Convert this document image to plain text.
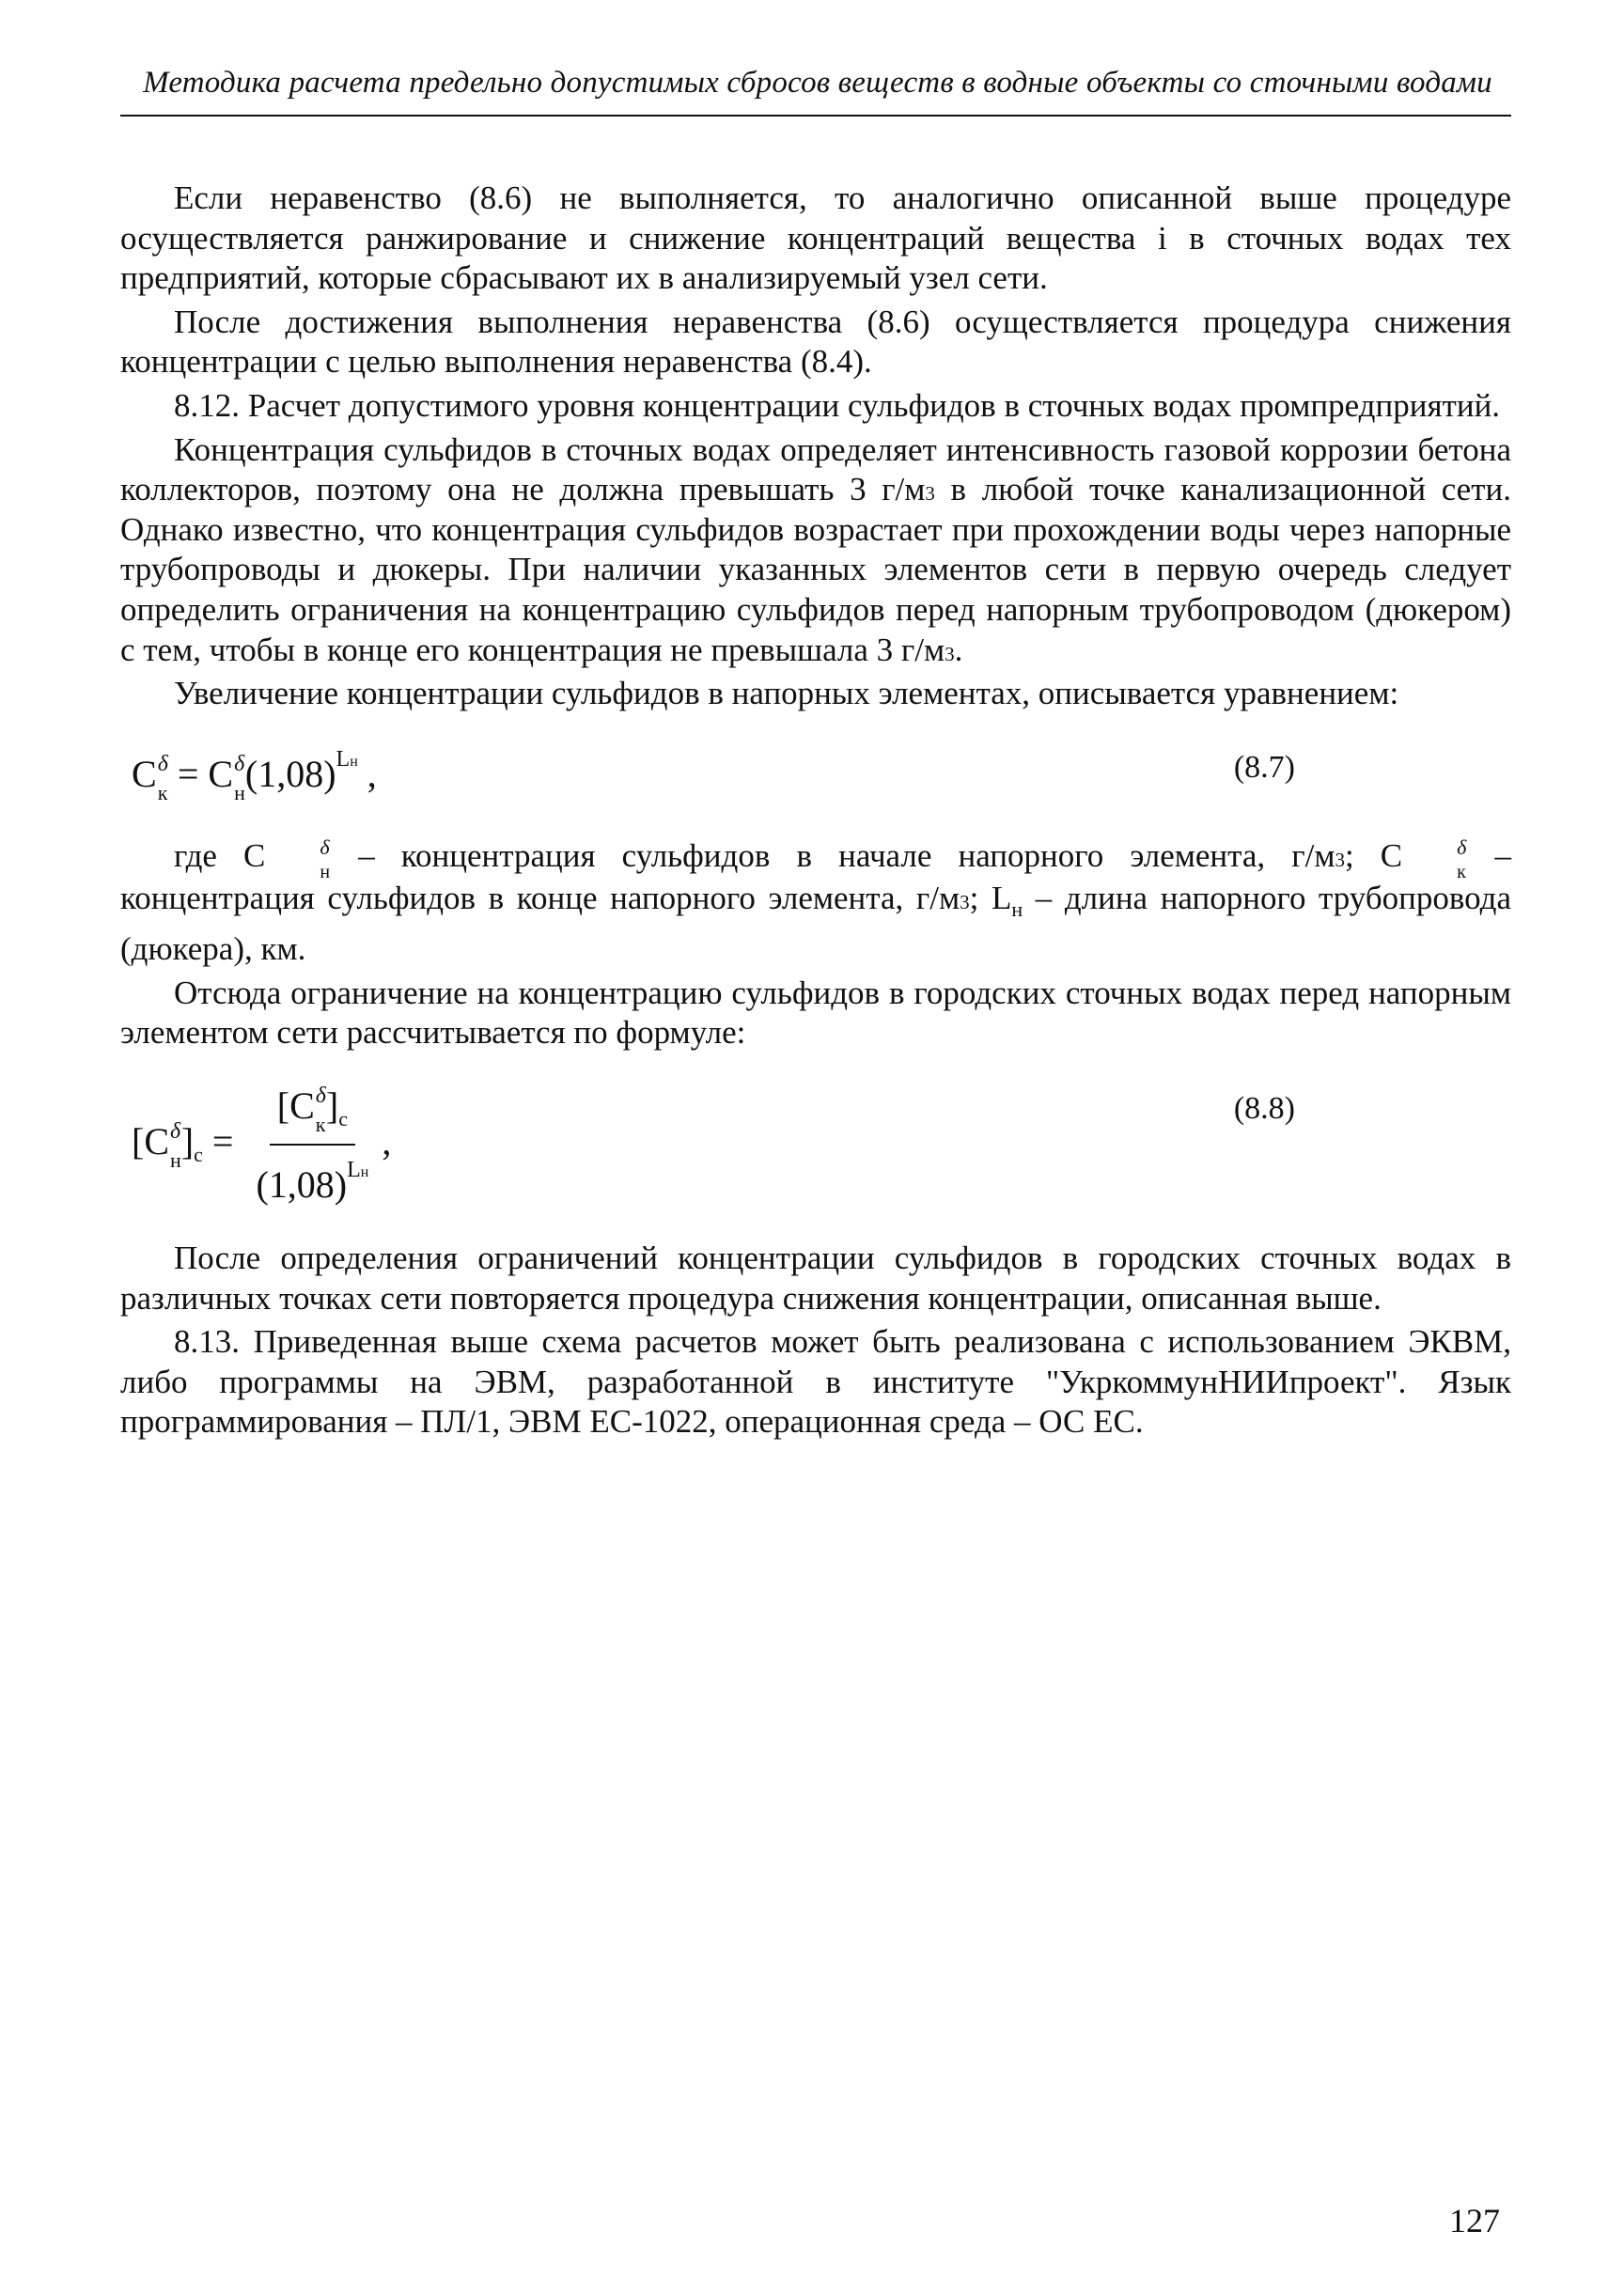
Методика расчета предельно допустимых сбросов веществ в водные объекты со сточными водами

Если неравенство (8.6) не выполняется, то аналогично описанной выше процедуре осуществляется ранжирование и снижение концентраций вещества i в сточных водах тех предприятий, которые сбрасывают их в анализируемый узел сети.

После достижения выполнения неравенства (8.6) осуществляется процедура снижения концентрации с целью выполнения неравенства (8.4).

8.12. Расчет допустимого уровня концентрации сульфидов в сточных водах промпредприятий.

Концентрация сульфидов в сточных водах определяет интенсивность газовой коррозии бетона коллекторов, поэтому она не должна превышать 3 $г/м^3$ в любой точке канализационной сети. Однако известно, что концентрация сульфидов возрастает при прохождении воды через напорные трубопроводы и дюкеры. При наличии указанных элементов сети в первую очередь следует определить ограничения на концентрацию сульфидов перед напорным трубопроводом (дюкером) с тем, чтобы в конце его концентрация не превышала 3 $г/м^3$.

Увеличение концентрации сульфидов в напорных элементах, описывается уравнением:

C δ
к = C δ
н $(1,08)^{Lн}$ ,	(8.7)

где C	δ
н – концентрация сульфидов в начале напорного элемента, $г/м^3$; C	δ
к – концентрация сульфидов в конце напорного элемента, $г/м^3$; $L_н$ – длина напорного трубопровода (дюкера), км.

Отсюда ограничение на концентрацию сульфидов в городских сточных водах перед напорным элементом сети рассчитывается по формуле:

[C δ
н ]$_с = [C$ δ
к ]$_с$
$(1,08)^{Lн}$ ,
(8.8)

После определения ограничений концентрации сульфидов в городских сточных водах в различных точках сети повторяется процедура снижения концентрации, описанная выше.

8.13. Приведенная выше схема расчетов может быть реализована с использованием ЭКВМ, либо программы на ЭВМ, разработанной в институте "УкркоммунНИИпроект". Язык программирования – ПЛ/1, ЭВМ ЕС-1022, операционная среда – ОС ЕС.

127
